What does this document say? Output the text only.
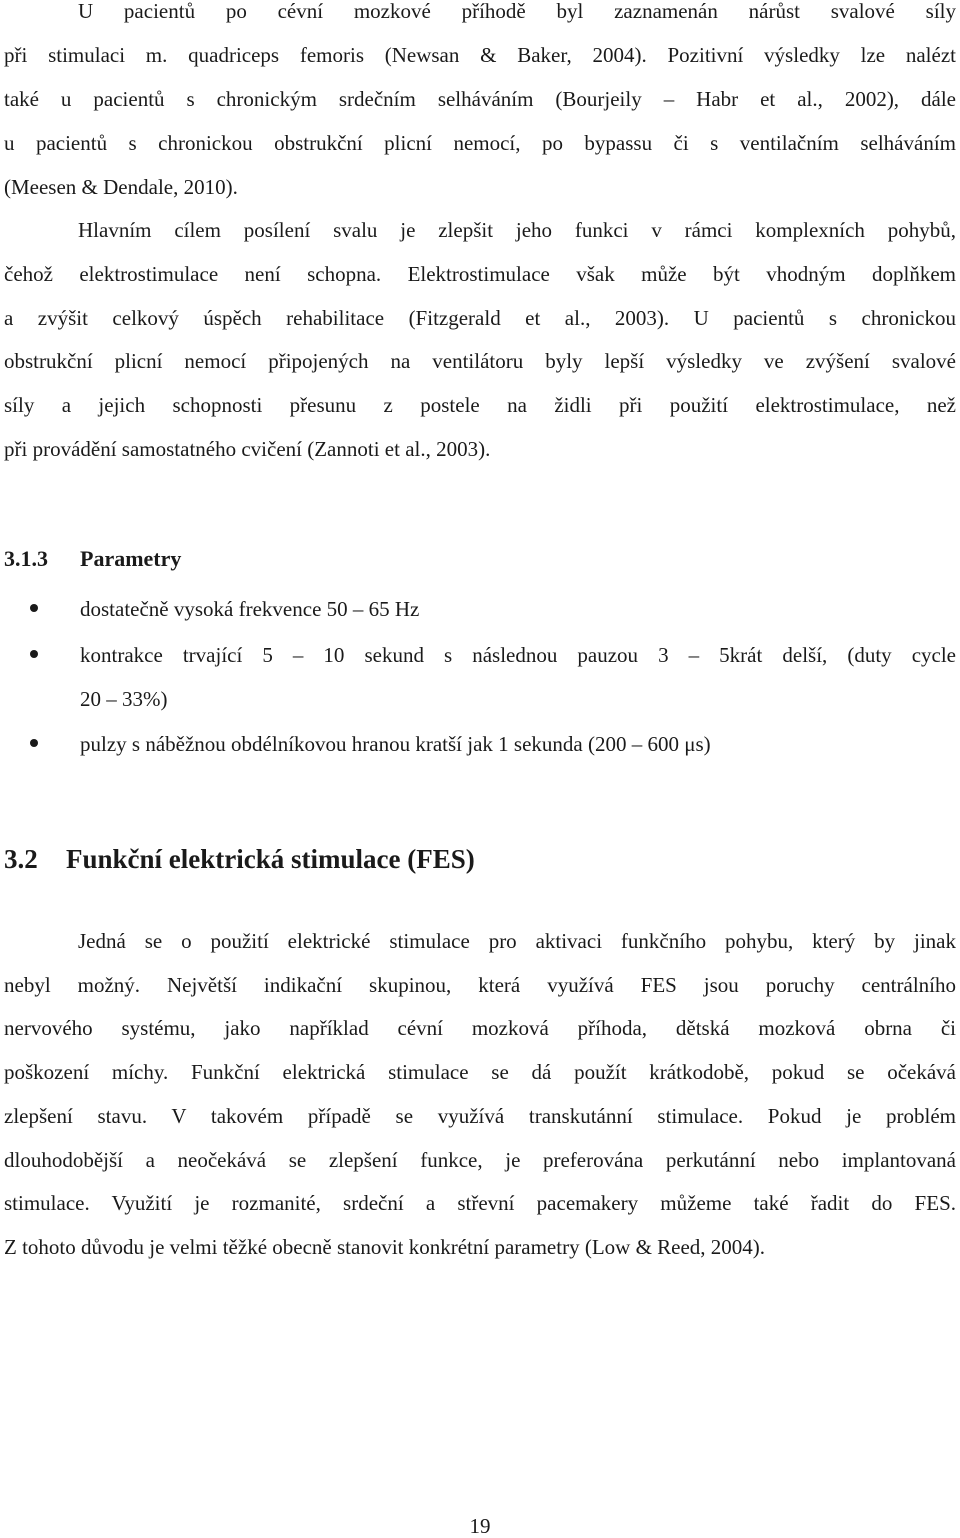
U pacientů po cévní mozkové příhodě byl zaznamenán nárůst svalové síly
při stimulaci m. quadriceps femoris (Newsan & Baker, 2004). Pozitivní výsledky lze nalézt
také u pacientů s chronickým srdečním selháváním (Bourjeily – Habr et al., 2002), dále
u pacientů s chronickou obstrukční plicní nemocí, po bypassu či s ventilačním selháváním
(Meesen & Dendale, 2010).
Hlavním cílem posílení svalu je zlepšit jeho funkci v rámci komplexních pohybů,
čehož elektrostimulace není schopna. Elektrostimulace však může být vhodným doplňkem
a zvýšit celkový úspěch rehabilitace (Fitzgerald et al., 2003). U pacientů s chronickou
obstrukční plicní nemocí připojených na ventilátoru byly lepší výsledky ve zvýšení svalové
síly a jejich schopnosti přesunu z postele na židli při použití elektrostimulace, než
při provádění samostatného cvičení (Zannoti et al., 2003).
3.1.3 Parametry
dostatečně vysoká frekvence 50 – 65 Hz
kontrakce trvající 5 – 10 sekund s následnou pauzou 3 – 5krát delší, (duty cycle
20 – 33%)
pulzy s náběžnou obdélníkovou hranou kratší jak 1 sekunda (200 – 600 μs)
3.2 Funkční elektrická stimulace (FES)
Jedná se o použití elektrické stimulace pro aktivaci funkčního pohybu, který by jinak
nebyl možný. Největší indikační skupinou, která využívá FES jsou poruchy centrálního
nervového systému, jako například cévní mozková příhoda, dětská mozková obrna či
poškození míchy. Funkční elektrická stimulace se dá použít krátkodobě, pokud se očekává
zlepšení stavu. V takovém případě se využívá transkutánní stimulace. Pokud je problém
dlouhodobější a neočekává se zlepšení funkce, je preferována perkutánní nebo implantovaná
stimulace. Využití je rozmanité, srdeční a střevní pacemakery můžeme také řadit do FES.
Z tohoto důvodu je velmi těžké obecně stanovit konkrétní parametry (Low & Reed, 2004).
19
